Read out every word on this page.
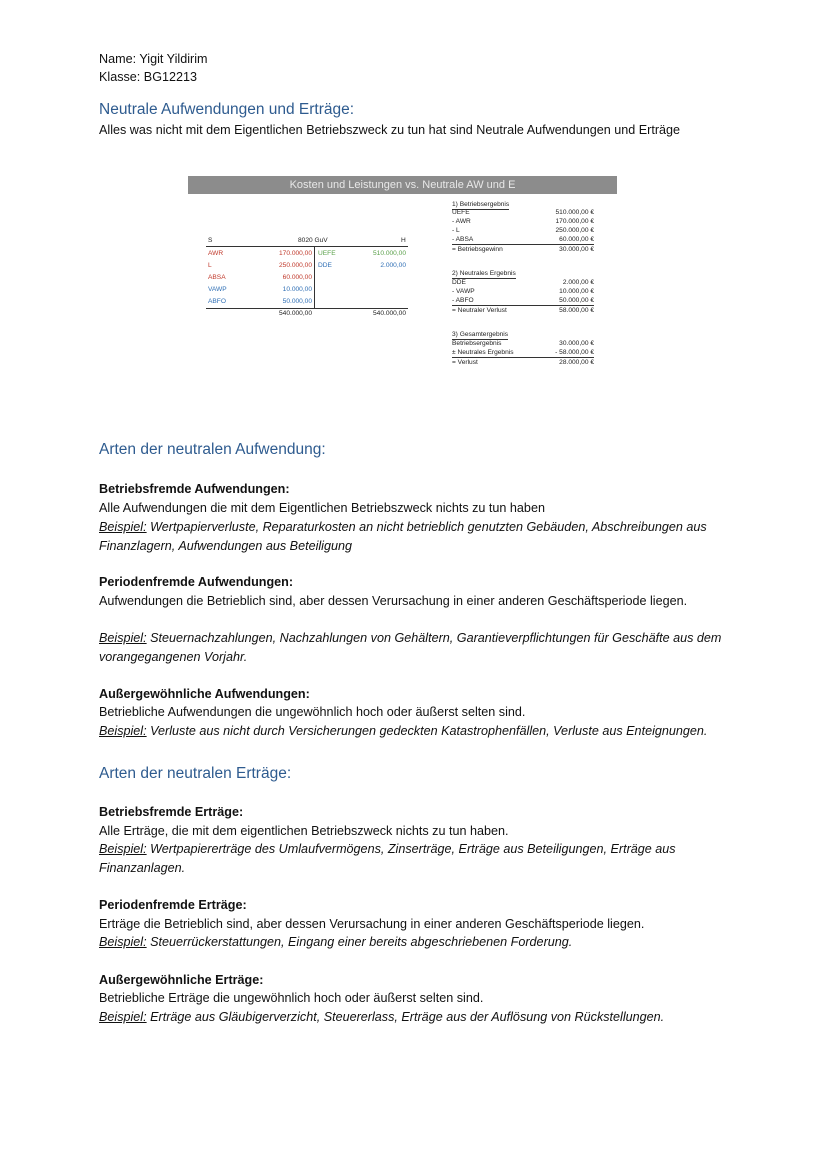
Name: Yigit Yildirim
Klasse: BG12213
Neutrale Aufwendungen und Erträge:

Alles was nicht mit dem Eigentlichen Betriebszweck zu tun hat sind Neutrale Aufwendungen und Erträge

Kosten und Leistungen vs. Neutrale AW und E
S	8020 GuV	H
AWR	170.000,00 UEFE	510.000,00
L	250.000,00 DDE	2.000,00
ABSA	60.000,00
VAWP	10.000,00
ABFO	50.000,00
540.000,00	540.000,00
1) Betriebsergebnis
UEFE	510.000,00 €
- AWR	170.000,00 €
- L	250.000,00 €
- ABSA	60.000,00 €
= Betriebsgewinn	30.000,00 €
2) Neutrales Ergebnis
DDE	2.000,00 €
- VAWP	10.000,00 €
- ABFO	50.000,00 €
= Neutraler Verlust	58.000,00 €
3) Gesamtergebnis
Betriebsergebnis	30.000,00 €
± Neutrales Ergebnis	- 58.000,00 €
= Verlust	28.000,00 €
Arten der neutralen Aufwendung:
Betriebsfremde Aufwendungen:

Alle Aufwendungen die mit dem Eigentlichen Betriebszweck nichts zu tun haben

Beispiel: Wertpapierverluste, Reparaturkosten an nicht betrieblich genutzten Gebäuden, Abschreibungen aus Finanzlagern, Aufwendungen aus Beteiligung

Periodenfremde Aufwendungen:

Aufwendungen die Betrieblich sind, aber dessen Verursachung in einer anderen Geschäftsperiode liegen.

Beispiel: Steuernachzahlungen, Nachzahlungen von Gehältern, Garantieverpflichtungen für Geschäfte aus dem vorangegangenen Vorjahr.

Außergewöhnliche Aufwendungen:

Betriebliche Aufwendungen die ungewöhnlich hoch oder äußerst selten sind.

Beispiel: Verluste aus nicht durch Versicherungen gedeckten Katastrophenfällen, Verluste aus Enteignungen.

Arten der neutralen Erträge:
Betriebsfremde Erträge:

Alle Erträge, die mit dem eigentlichen Betriebszweck nichts zu tun haben.

Beispiel: Wertpapiererträge des Umlaufvermögens, Zinserträge, Erträge aus Beteiligungen, Erträge aus Finanzanlagen.

Periodenfremde Erträge:

Erträge die Betrieblich sind, aber dessen Verursachung in einer anderen Geschäftsperiode liegen.

Beispiel: Steuerrückerstattungen, Eingang einer bereits abgeschriebenen Forderung.

Außergewöhnliche Erträge:

Betriebliche Erträge die ungewöhnlich hoch oder äußerst selten sind.

Beispiel: Erträge aus Gläubigerverzicht, Steuererlass, Erträge aus der Auflösung von Rückstellungen.
